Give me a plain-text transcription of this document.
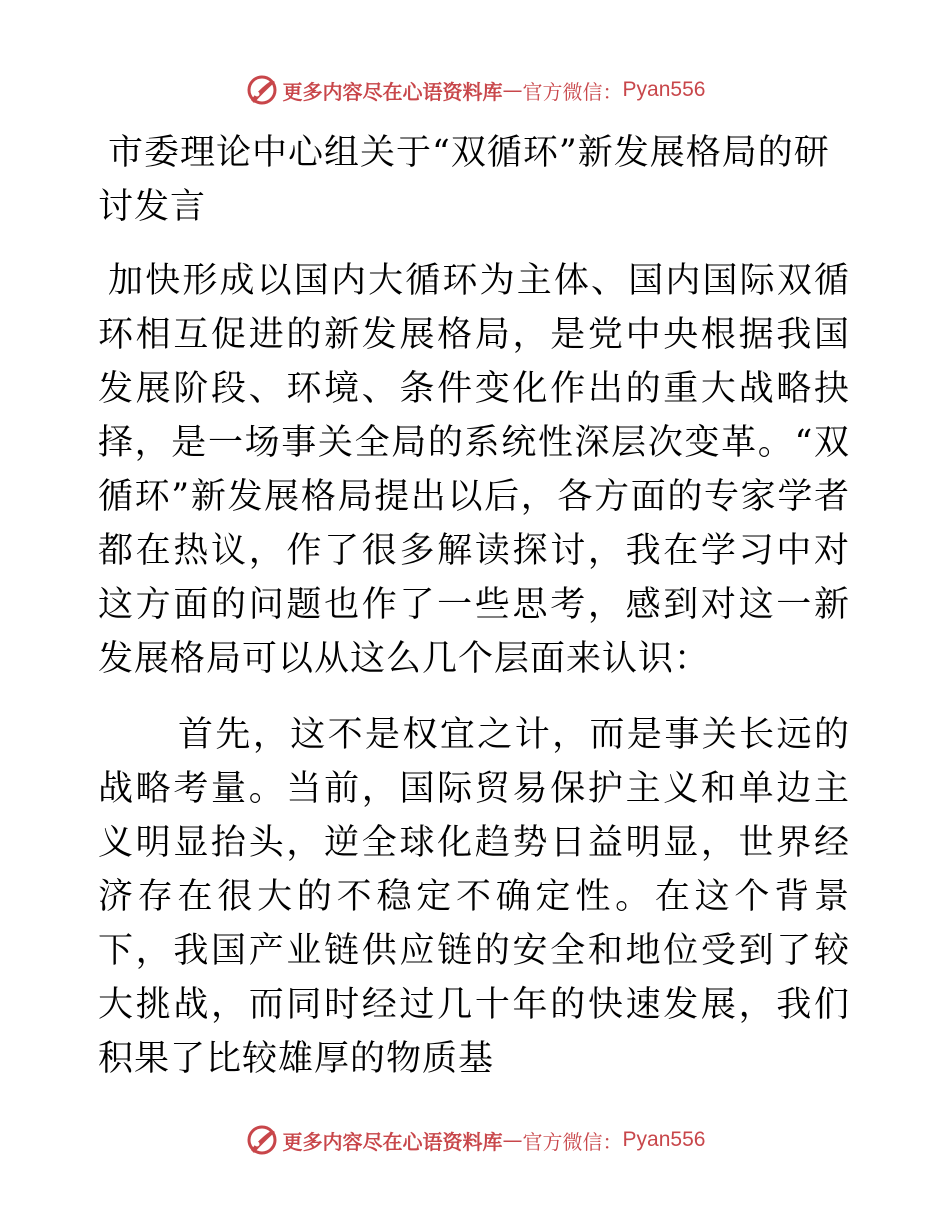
更多内容尽在心语资料库 — 官方微信： Pyan556
市委理论中心组关于“双循环”新发展格局的研讨发言

加快形成以国内大循环为主体、国内国际双循环相互促进的新发展格局，是党中央根据我国发展阶段、环境、条件变化作出的重大战略抉择，是一场事关全局的系统性深层次变革。“双循环”新发展格局提出以后，各方面的专家学者都在热议，作了很多解读探讨，我在学习中对这方面的问题也作了一些思考，感到对这一新发展格局可以从这么几个层面来认识：

首先，这不是权宜之计，而是事关长远的战略考量。当前，国际贸易保护主义和单边主义明显抬头，逆全球化趋势日益明显，世界经济存在很大的不稳定不确定性。在这个背景下，我国产业链供应链的安全和地位受到了较大挑战，而同时经过几十年的快速发展，我们积果了比较雄厚的物质基

更多内容尽在心语资料库 — 官方微信： Pyan556
